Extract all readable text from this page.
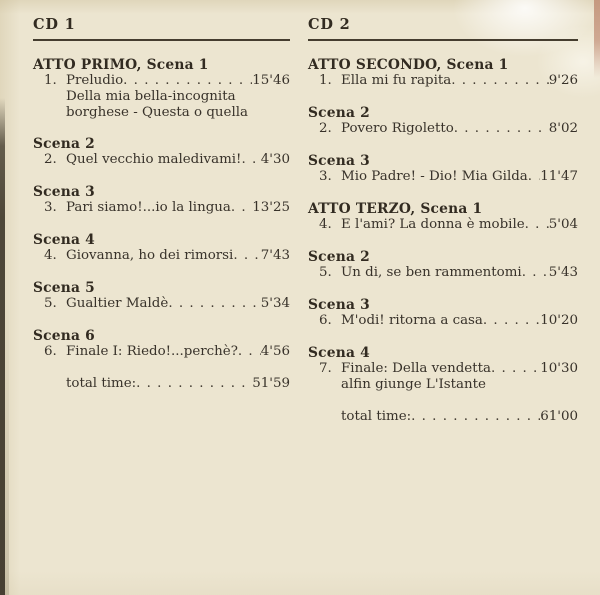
CD 1
ATTO PRIMO, Scena 1
1. Preludio . . .	15'46
Della mia bella-incognita
borghese - Questa o quella
Scena 2
2. Quel vecchio maledivami! . . . 4'30
Scena 3
3. Pari siamo!...io la lingua . . . 13'25
Scena 4
4. Giovanna, ho dei rimorsi . . . 7'43
Scena 5
5. Gualtier Maldè . . .	5'34
Scena 6
6. Finale I: Riedo!...perchè? . . . 4'56
total time: . . .	51'59
CD 2
ATTO SECONDO, Scena 1
1. Ella mi fu rapita . . .	9'26
Scena 2
2. Povero Rigoletto . . .	8'02
Scena 3
3. Mio Padre! - Dio! Mia Gilda . . . 11'47
ATTO TERZO, Scena 1
4. E l'ami? La donna è mobile . . . 5'04
Scena 2
5. Un di, se ben rammentomi . . . 5'43
Scena 3
6. M'odi! ritorna a casa . . .	10'20
Scena 4
7. Finale: Della vendetta . . .	10'30
alfin giunge L'Istante
total time: . . .	61'00
